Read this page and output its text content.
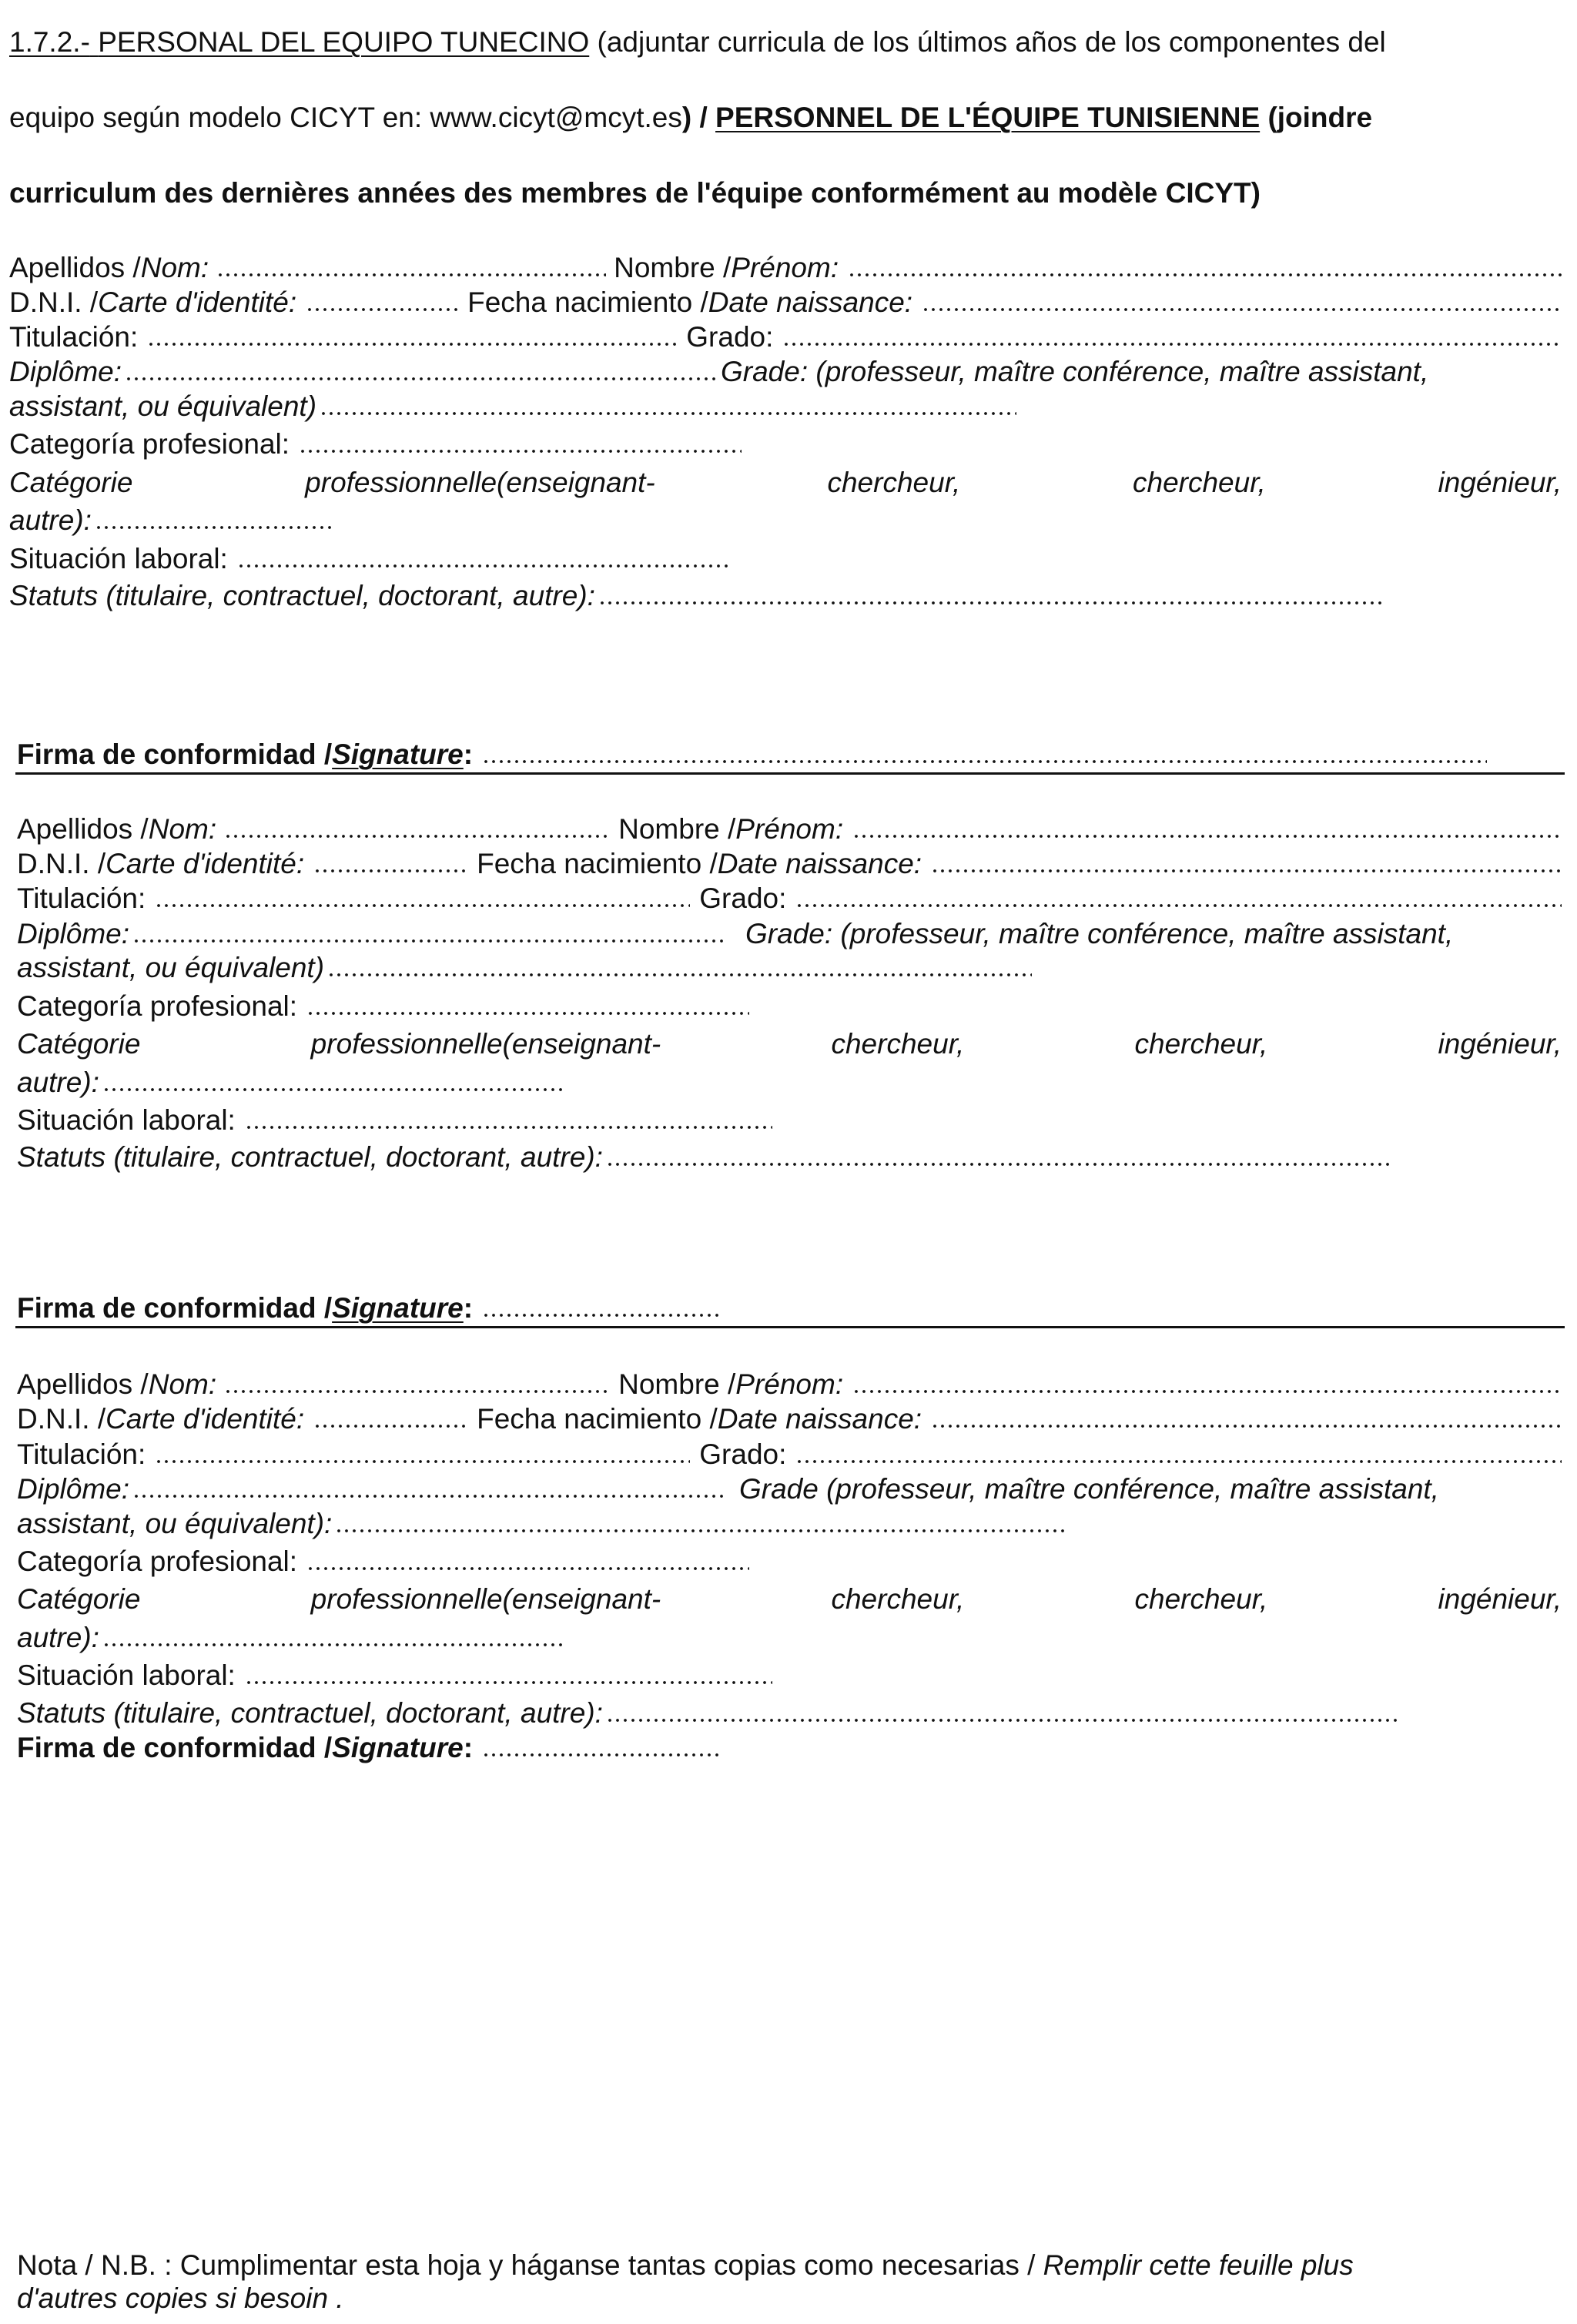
1.7.2.- PERSONAL DEL EQUIPO TUNECINO (adjuntar curricula de los últimos años de los componentes del
equipo según modelo CICYT en: www.cicyt@mcyt.es) / PERSONNEL DE L'ÉQUIPE TUNISIENNE (joindre
curriculum des dernières années des membres de l'équipe conformément au modèle CICYT)
Apellidos / Nom:	Nombre / Prénom:
D.N.I. / Carte d'identité:	Fecha nacimiento / Date naissance:
Titulación:	Grado:
Diplôme:	Grade: (professeur, maître conférence, maître assistant,
assistant, ou équivalent)
Categoría profesional:
Catégorie	professionnelle(enseignant-	chercheur,	chercheur,	ingénieur,
autre):
Situación laboral:
Statuts (titulaire, contractuel, doctorant, autre):
Firma de conformidad / Signature :
Apellidos / Nom:	Nombre / Prénom:
D.N.I. / Carte d'identité:	Fecha nacimiento / Date naissance:
Titulación:	Grado:
Diplôme:	Grade: (professeur, maître conférence, maître assistant,
assistant, ou équivalent)
Categoría profesional:
Catégorie	professionnelle(enseignant-	chercheur,	chercheur,	ingénieur,
autre):
Situación laboral:
Statuts (titulaire, contractuel, doctorant, autre):
Firma de conformidad / Signature :
Apellidos / Nom:	Nombre / Prénom:
D.N.I. / Carte d'identité:	Fecha nacimiento / Date naissance:
Titulación:	Grado:
Diplôme:	Grade (professeur, maître conférence, maître assistant,
assistant, ou équivalent):
Categoría profesional:
Catégorie	professionnelle(enseignant-	chercheur,	chercheur,	ingénieur,
autre):
Situación laboral:
Statuts (titulaire, contractuel, doctorant, autre):
Firma de conformidad / Signature :
Nota / N.B. : Cumplimentar esta hoja y háganse tantas copias como necesarias / Remplir cette feuille plus
d'autres copies si besoin .
